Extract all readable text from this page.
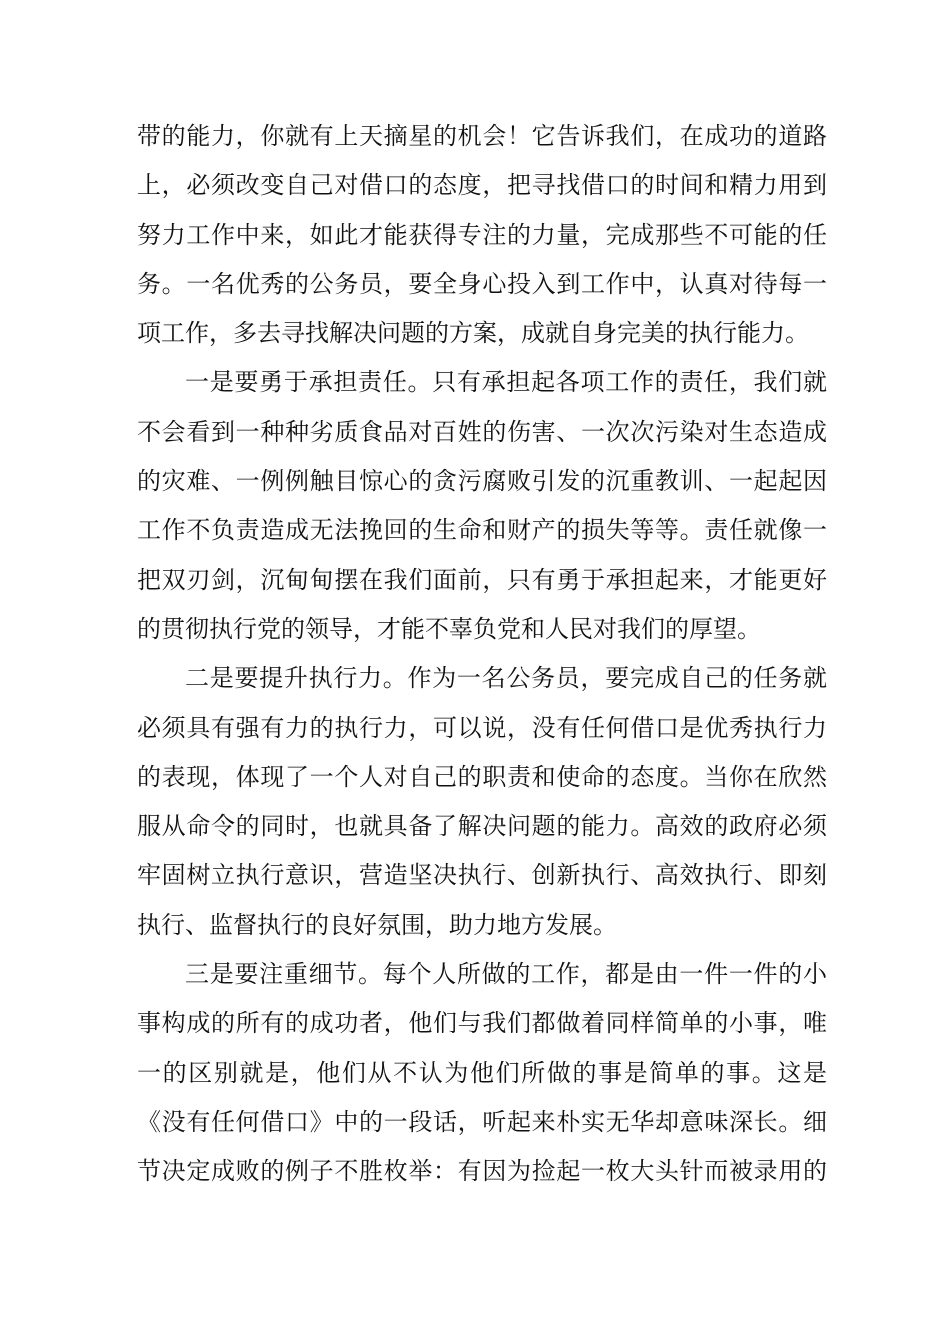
带的能力，你就有上天摘星的机会！它告诉我们，在成功的道路
上，必须改变自己对借口的态度，把寻找借口的时间和精力用到
努力工作中来，如此才能获得专注的力量，完成那些不可能的任
务。一名优秀的公务员，要全身心投入到工作中，认真对待每一
项工作，多去寻找解决问题的方案，成就自身完美的执行能力。
一是要勇于承担责任。只有承担起各项工作的责任，我们就
不会看到一种种劣质食品对百姓的伤害、一次次污染对生态造成
的灾难、一例例触目惊心的贪污腐败引发的沉重教训、一起起因
工作不负责造成无法挽回的生命和财产的损失等等。责任就像一
把双刃剑，沉甸甸摆在我们面前，只有勇于承担起来，才能更好
的贯彻执行党的领导，才能不辜负党和人民对我们的厚望。
二是要提升执行力。作为一名公务员，要完成自己的任务就
必须具有强有力的执行力，可以说，没有任何借口是优秀执行力
的表现，体现了一个人对自己的职责和使命的态度。当你在欣然
服从命令的同时，也就具备了解决问题的能力。高效的政府必须
牢固树立执行意识，营造坚决执行、创新执行、高效执行、即刻
执行、监督执行的良好氛围，助力地方发展。
三是要注重细节。每个人所做的工作，都是由一件一件的小
事构成的所有的成功者，他们与我们都做着同样简单的小事，唯
一的区别就是，他们从不认为他们所做的事是简单的事。这是
《没有任何借口》中的一段话，听起来朴实无华却意味深长。细
节决定成败的例子不胜枚举：有因为捡起一枚大头针而被录用的
